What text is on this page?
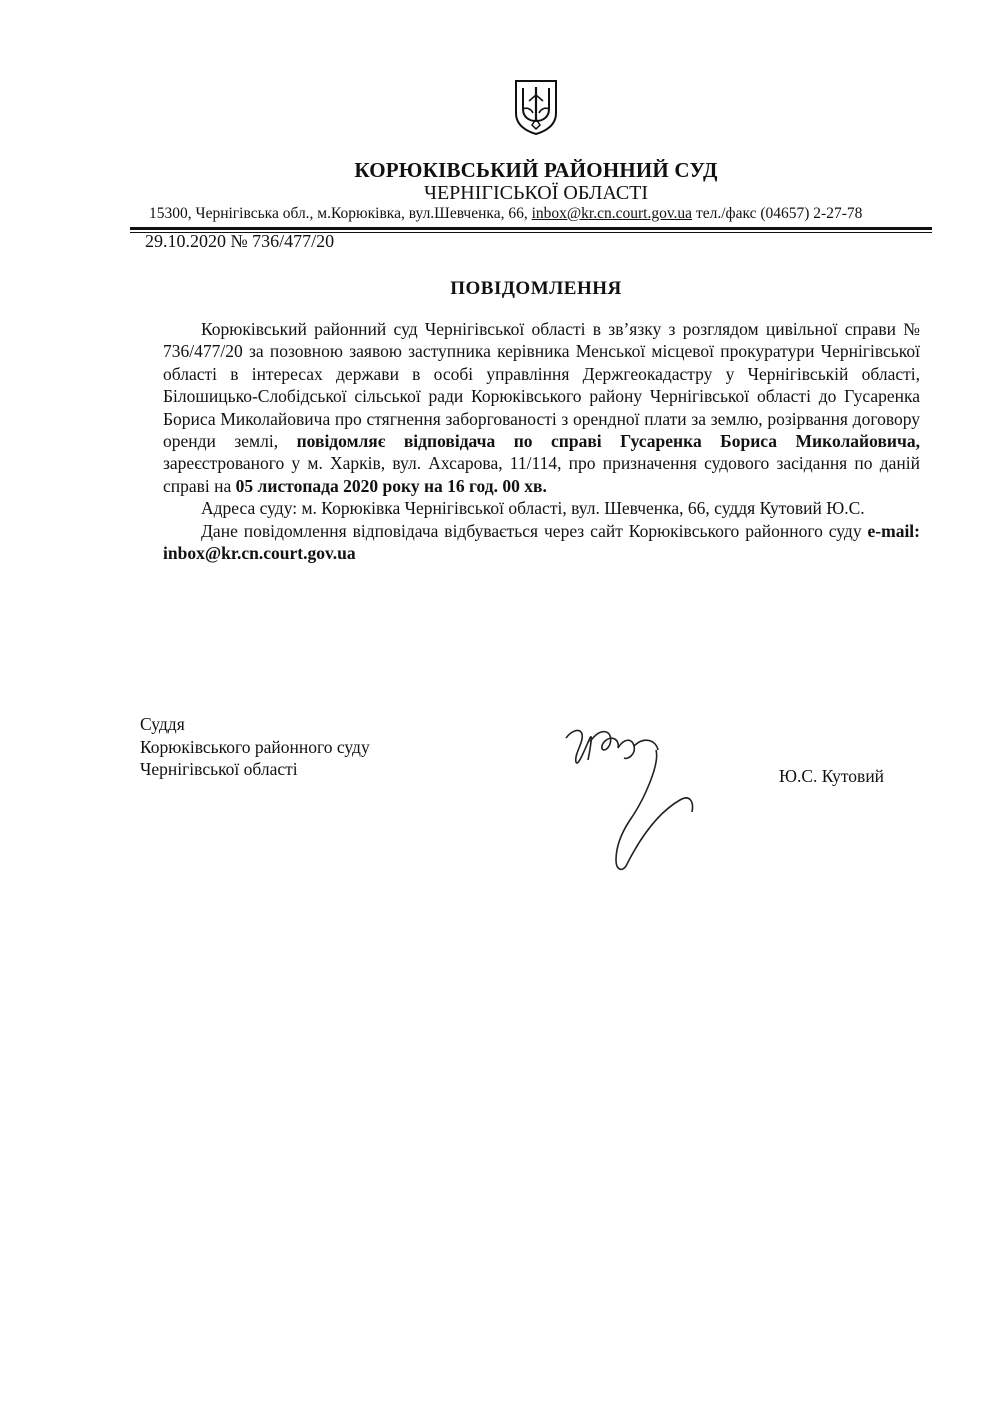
КОРЮКІВСЬКИЙ РАЙОННИЙ СУД
ЧЕРНІГІСЬКОЇ ОБЛАСТІ
15300, Чернігівська обл., м.Корюківка, вул.Шевченка, 66, inbox@kr.cn.court.gov.ua тел./факс (04657) 2-27-78
29.10.2020 № 736/477/20
ПОВІДОМЛЕННЯ

Корюківський районний суд Чернігівської області в зв’язку з розглядом цивільної справи № 736/477/20 за позовною заявою заступника керівника Менської місцевої прокуратури Чернігівської області в інтересах держави в особі управління Держгеокадастру у Чернігівській області, Білошицько-Слобідської сільської ради Корюківського району Чернігівської області до Гусаренка Бориса Миколайовича про стягнення заборгованості з орендної плати за землю, розірвання договору оренди землі, повідомляє відповідача по справі Гусаренка Бориса Миколайовича, зареєстрованого у м. Харків, вул. Ахсарова, 11/114, про призначення судового засідання по даній справі на 05 листопада 2020 року на 16 год. 00 хв.

Адреса суду: м. Корюківка Чернігівської області, вул. Шевченка, 66, суддя Кутовий Ю.С.

Дане повідомлення відповідача відбувається через сайт Корюківського районного суду e-mail: inbox@kr.cn.court.gov.ua

Суддя
Корюківського районного суду
Чернігівської області	Ю.С. Кутовий
